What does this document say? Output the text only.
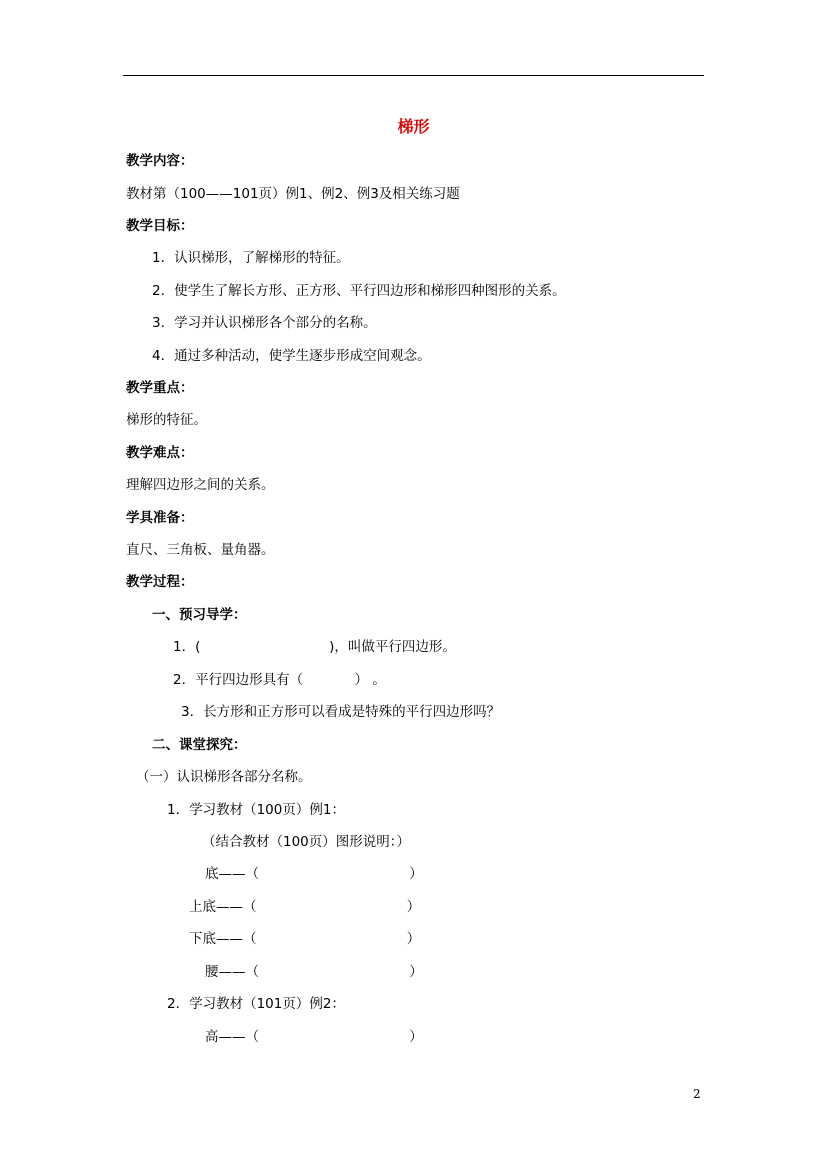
梯形
教学内容：
教材第（100——101页）例1、例2、例3及相关练习题
教学目标：
1．认识梯形，了解梯形的特征。
2．使学生了解长方形、正方形、平行四边形和梯形四种图形的关系。
3．学习并认识梯形各个部分的名称。
4．通过多种活动，使学生逐步形成空间观念。
教学重点：
梯形的特征。
教学难点：
理解四边形之间的关系。
学具准备：
直尺、三角板、量角器。
教学过程：
一、预习导学：
1．(                              )，叫做平行四边形。
2．平行四边形具有（            ） 。
3．长方形和正方形可以看成是特殊的平行四边形吗？
二、课堂探究：
（一）认识梯形各部分名称。
1．学习教材（100页）例1：
（结合教材（100页）图形说明：）
底——（                                   ）
上底——（                                   ）
下底——（                                   ）
腰——（                                   ）
2．学习教材（101页）例2：
高——（                                   ）
2
